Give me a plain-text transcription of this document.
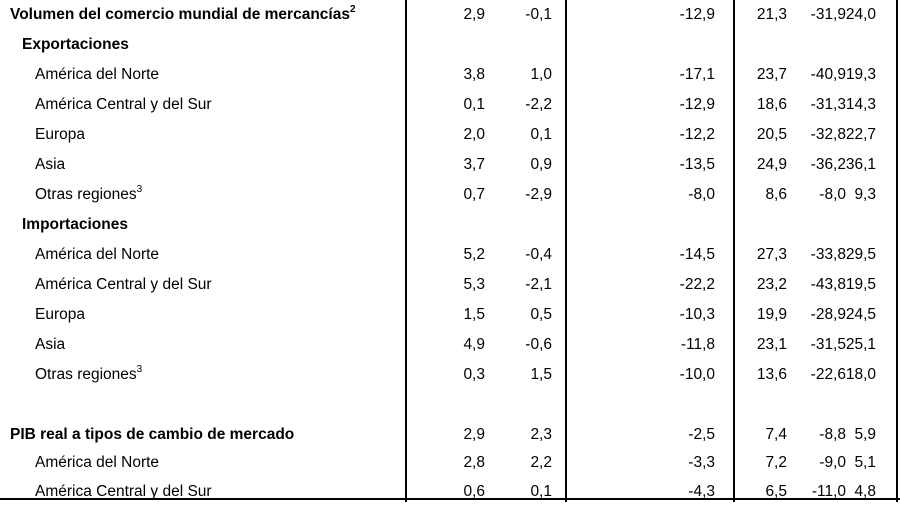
Volumen del comercio mundial de mercancías$^2$	2,9	-0,1	-12,9	21,3	-31,9 24,0
Exportaciones
América del Norte	3,8	1,0	-17,1	23,7	-40,9 19,3
América Central y del Sur	0,1	-2,2	-12,9	18,6	-31,3 14,3
Europa	2,0	0,1	-12,2	20,5	-32,8 22,7
Asia	3,7	0,9	-13,5	24,9	-36,2 36,1
Otras regiones$^3$	0,7	-2,9	-8,0	8,6	-8,0 9,3
Importaciones
América del Norte	5,2	-0,4	-14,5	27,3	-33,8 29,5
América Central y del Sur	5,3	-2,1	-22,2	23,2	-43,8 19,5
Europa	1,5	0,5	-10,3	19,9	-28,9 24,5
Asia	4,9	-0,6	-11,8	23,1	-31,5 25,1
Otras regiones$^3$	0,3	1,5	-10,0	13,6	-22,6 18,0
PIB real a tipos de cambio de mercado	2,9	2,3	-2,5	7,4	-8,8 5,9
América del Norte	2,8	2,2	-3,3	7,2	-9,0 5,1
América Central y del Sur	0,6	0,1	-4,3	6,5	-11,0 4,8
